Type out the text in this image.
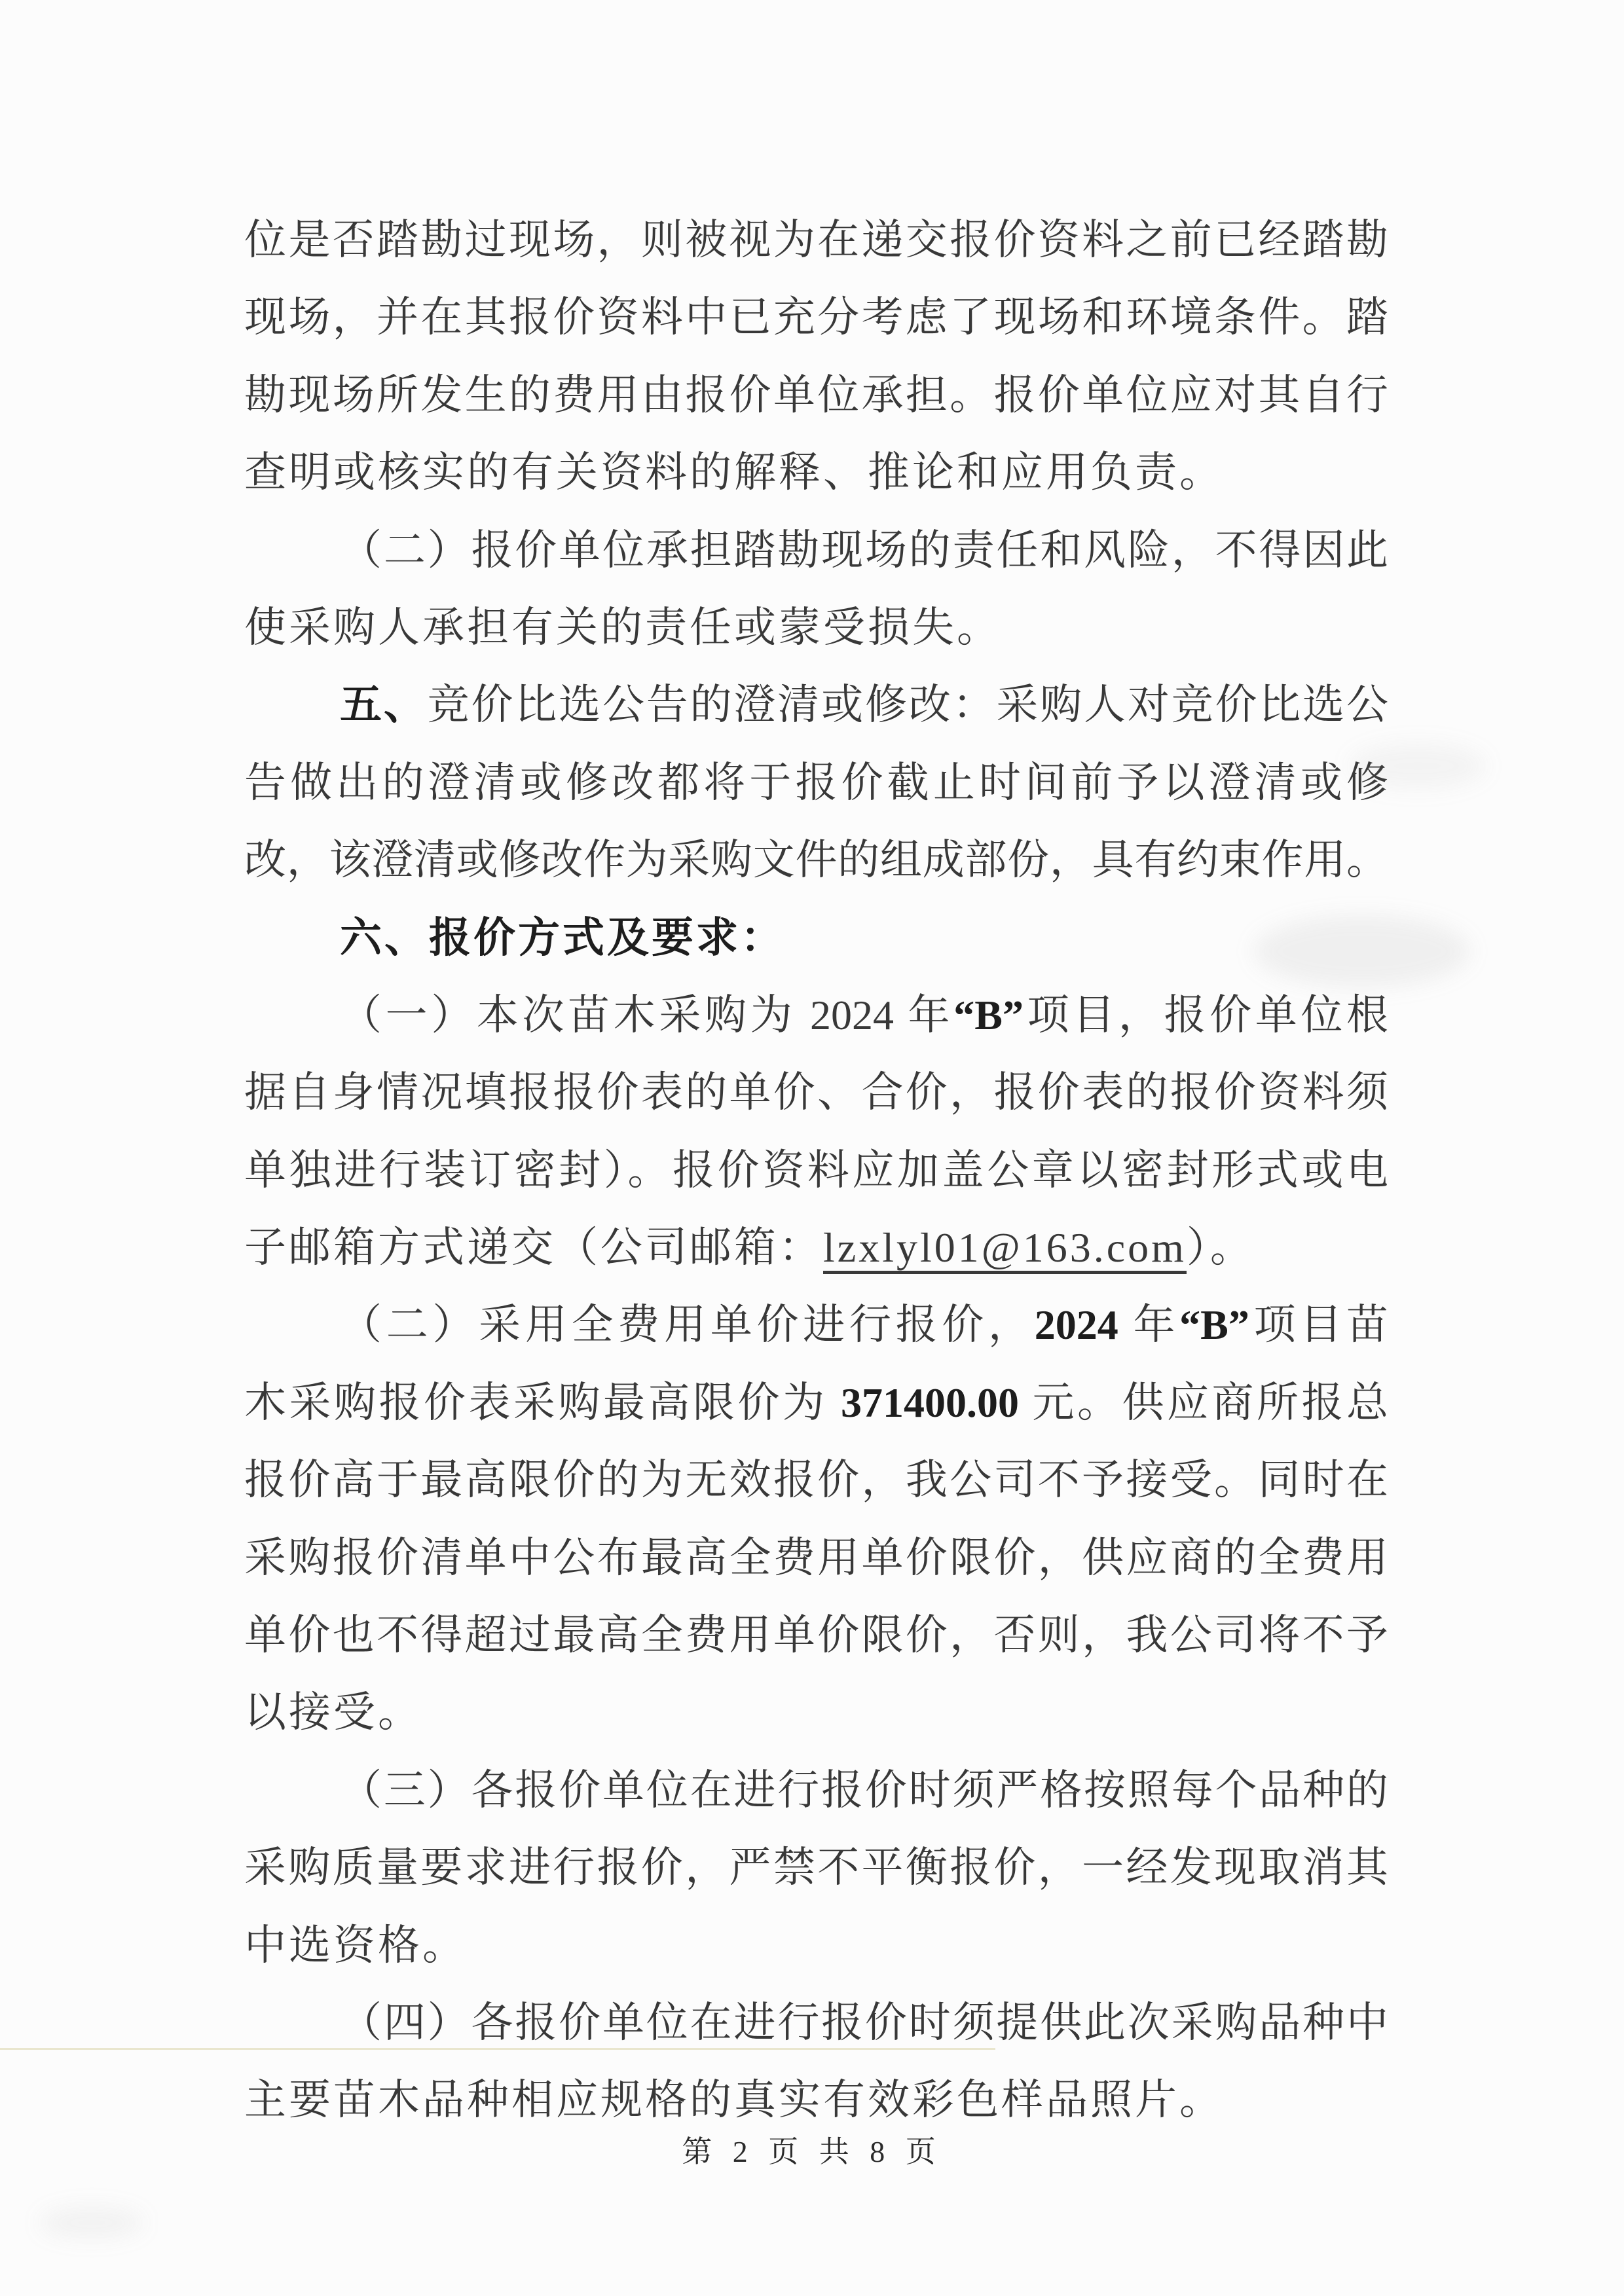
位是否踏勘过现场，则被视为在递交报价资料之前已经踏勘
现场，并在其报价资料中已充分考虑了现场和环境条件。踏
勘现场所发生的费用由报价单位承担。报价单位应对其自行
查明或核实的有关资料的解释、推论和应用负责。
（二）报价单位承担踏勘现场的责任和风险，不得因此
使采购人承担有关的责任或蒙受损失。
五、竞价比选公告的澄清或修改：采购人对竞价比选公
告做出的澄清或修改都将于报价截止时间前予以澄清或修
改，该澄清或修改作为采购文件的组成部份，具有约束作用。
六、报价方式及要求：
（一）本次苗木采购为 2024 年“B”项目，报价单位根
据自身情况填报报价表的单价、合价，报价表的报价资料须
单独进行装订密封）。报价资料应加盖公章以密封形式或电
子邮箱方式递交（公司邮箱：lzxlyl01@163.com）。
（二）采用全费用单价进行报价，2024 年“B”项目苗
木采购报价表采购最高限价为 371400.00 元。供应商所报总
报价高于最高限价的为无效报价，我公司不予接受。同时在
采购报价清单中公布最高全费用单价限价，供应商的全费用
单价也不得超过最高全费用单价限价，否则，我公司将不予
以接受。
（三）各报价单位在进行报价时须严格按照每个品种的
采购质量要求进行报价，严禁不平衡报价，一经发现取消其
中选资格。
（四）各报价单位在进行报价时须提供此次采购品种中
主要苗木品种相应规格的真实有效彩色样品照片。
第 2 页 共 8 页
